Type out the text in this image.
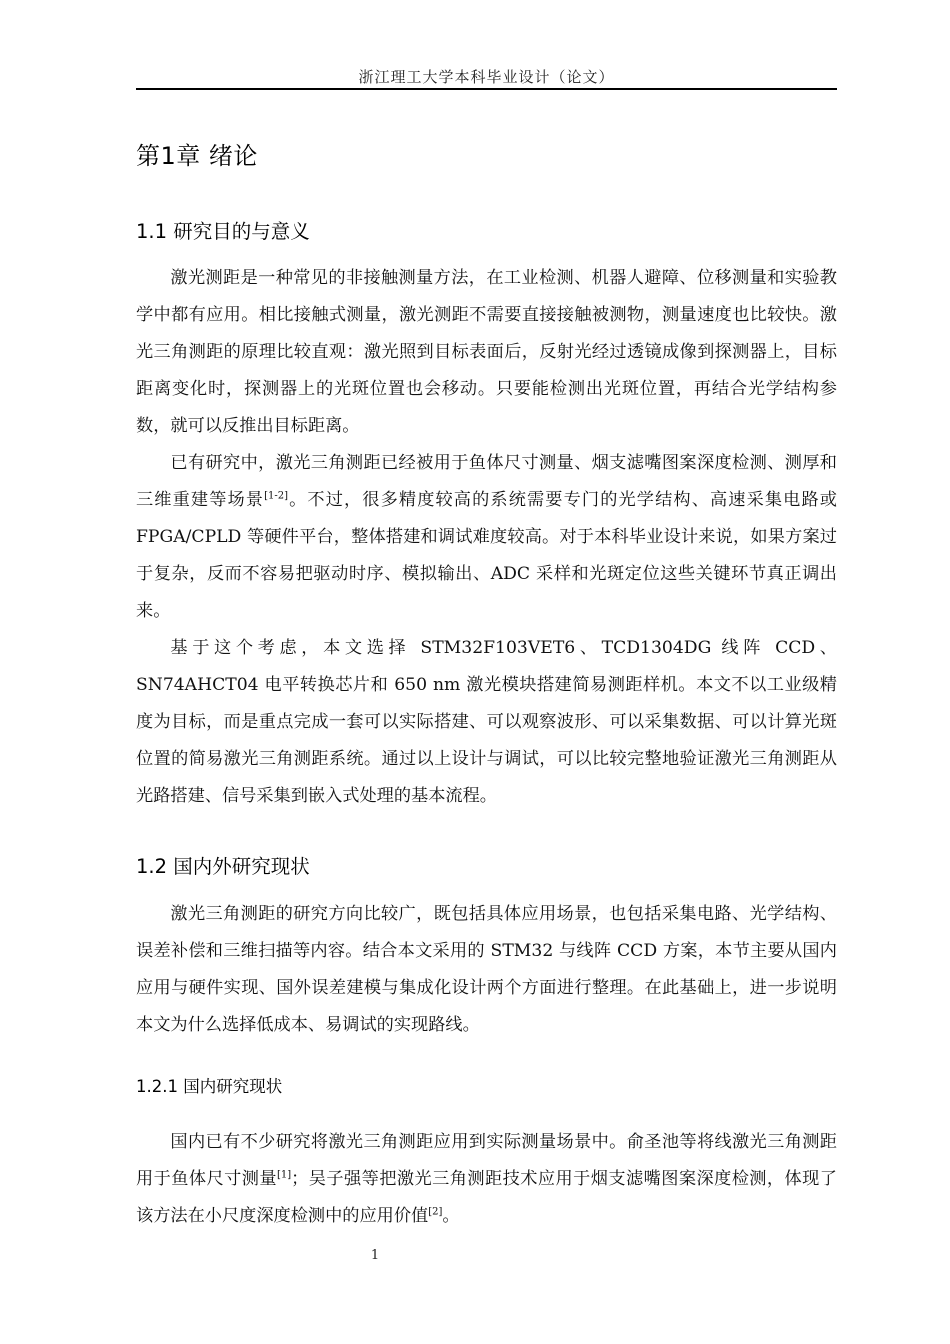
浙江理工大学本科毕业设计（论文）
第1章 绪论
1.1 研究目的与意义
激光测距是一种常见的非接触测量方法，在工业检测、机器人避障、位移测量和实验教学中都有应用。相比接触式测量，激光测距不需要直接接触被测物，测量速度也比较快。激光三角测距的原理比较直观：激光照到目标表面后，反射光经过透镜成像到探测器上，目标距离变化时，探测器上的光斑位置也会移动。只要能检测出光斑位置，再结合光学结构参数，就可以反推出目标距离。
已有研究中，激光三角测距已经被用于鱼体尺寸测量、烟支滤嘴图案深度检测、测厚和三维重建等场景[1-2]。不过，很多精度较高的系统需要专门的光学结构、高速采集电路或 FPGA/CPLD 等硬件平台，整体搭建和调试难度较高。对于本科毕业设计来说，如果方案过于复杂，反而不容易把驱动时序、模拟输出、ADC 采样和光斑定位这些关键环节真正调出来。
基于这个考虑，本文选择 STM32F103VET6、TCD1304DG 线阵 CCD、SN74AHCT04 电平转换芯片和 650 nm 激光模块搭建简易测距样机。本文不以工业级精度为目标，而是重点完成一套可以实际搭建、可以观察波形、可以采集数据、可以计算光斑位置的简易激光三角测距系统。通过以上设计与调试，可以比较完整地验证激光三角测距从光路搭建、信号采集到嵌入式处理的基本流程。
1.2 国内外研究现状
激光三角测距的研究方向比较广，既包括具体应用场景，也包括采集电路、光学结构、误差补偿和三维扫描等内容。结合本文采用的 STM32 与线阵 CCD 方案，本节主要从国内应用与硬件实现、国外误差建模与集成化设计两个方面进行整理。在此基础上，进一步说明本文为什么选择低成本、易调试的实现路线。
1.2.1 国内研究现状
国内已有不少研究将激光三角测距应用到实际测量场景中。俞圣池等将线激光三角测距用于鱼体尺寸测量[1]；吴子强等把激光三角测距技术应用于烟支滤嘴图案深度检测，体现了该方法在小尺度深度检测中的应用价值[2]。
1
